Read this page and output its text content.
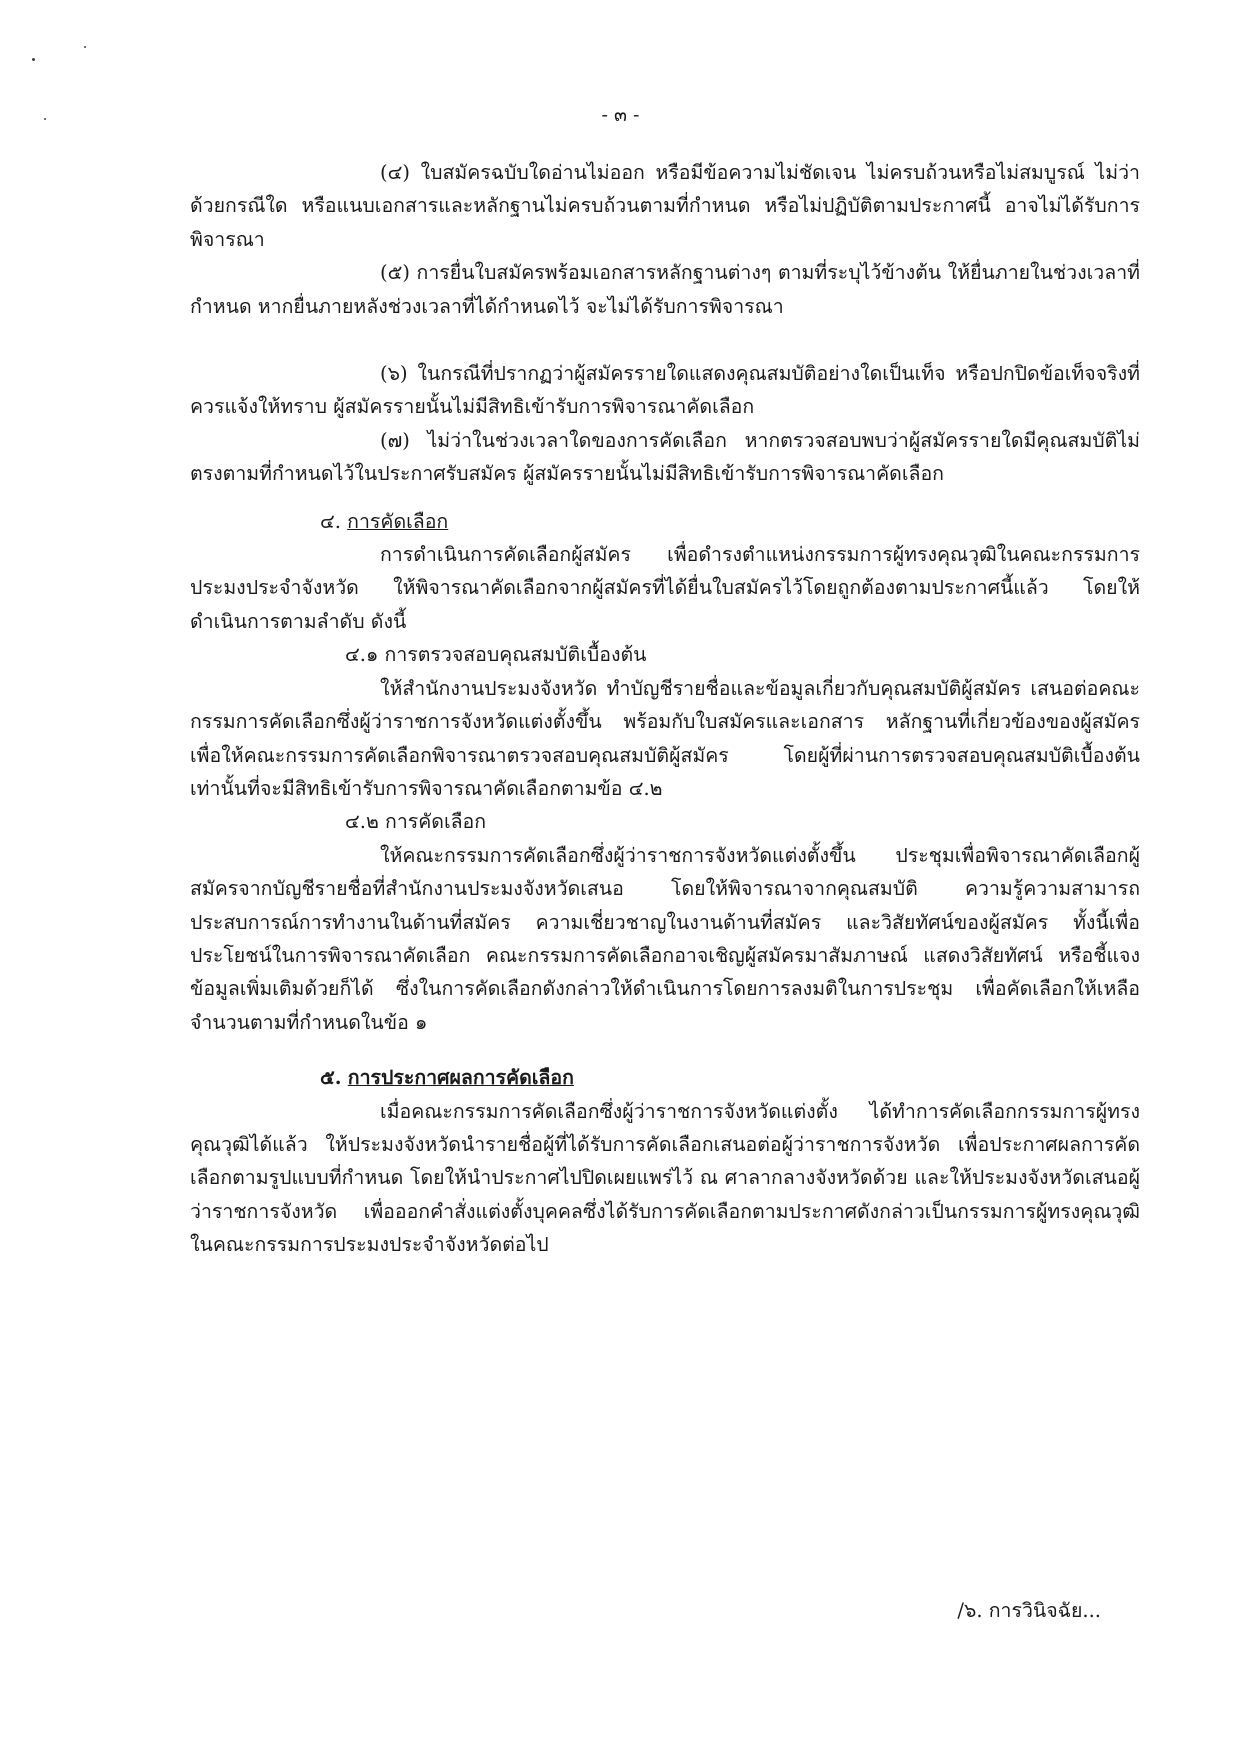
- ๓ -

(๔) ใบสมัครฉบับใดอ่านไม่ออก หรือมีข้อความไม่ชัดเจน ไม่ครบถ้วนหรือไม่สมบูรณ์ ไม่ว่าด้วยกรณีใด หรือแนบเอกสารและหลักฐานไม่ครบถ้วนตามที่กำหนด หรือไม่ปฏิบัติตามประกาศนี้ อาจไม่ได้รับการพิจารณา

(๕) การยื่นใบสมัครพร้อมเอกสารหลักฐานต่างๆ ตามที่ระบุไว้ข้างต้น ให้ยื่นภายในช่วงเวลาที่กำหนด หากยื่นภายหลังช่วงเวลาที่ได้กำหนดไว้ จะไม่ได้รับการพิจารณา

(๖) ในกรณีที่ปรากฏว่าผู้สมัครรายใดแสดงคุณสมบัติอย่างใดเป็นเท็จ หรือปกปิดข้อเท็จจริงที่ควรแจ้งให้ทราบ ผู้สมัครรายนั้นไม่มีสิทธิเข้ารับการพิจารณาคัดเลือก

(๗) ไม่ว่าในช่วงเวลาใดของการคัดเลือก หากตรวจสอบพบว่าผู้สมัครรายใดมีคุณสมบัติไม่ตรงตามที่กำหนดไว้ในประกาศรับสมัคร ผู้สมัครรายนั้นไม่มีสิทธิเข้ารับการพิจารณาคัดเลือก

๔. การคัดเลือก

การดำเนินการคัดเลือกผู้สมัคร เพื่อดำรงตำแหน่งกรรมการผู้ทรงคุณวุฒิในคณะกรรมการประมงประจำจังหวัด ให้พิจารณาคัดเลือกจากผู้สมัครที่ได้ยื่นใบสมัครไว้โดยถูกต้องตามประกาศนี้แล้ว โดยให้ดำเนินการตามลำดับ ดังนี้

๔.๑ การตรวจสอบคุณสมบัติเบื้องต้น

ให้สำนักงานประมงจังหวัด ทำบัญชีรายชื่อและข้อมูลเกี่ยวกับคุณสมบัติผู้สมัคร เสนอต่อคณะกรรมการคัดเลือกซึ่งผู้ว่าราชการจังหวัดแต่งตั้งขึ้น พร้อมกับใบสมัครและเอกสาร หลักฐานที่เกี่ยวข้องของผู้สมัคร เพื่อให้คณะกรรมการคัดเลือกพิจารณาตรวจสอบคุณสมบัติผู้สมัคร โดยผู้ที่ผ่านการตรวจสอบคุณสมบัติเบื้องต้นเท่านั้นที่จะมีสิทธิเข้ารับการพิจารณาคัดเลือกตามข้อ ๔.๒

๔.๒ การคัดเลือก

ให้คณะกรรมการคัดเลือกซึ่งผู้ว่าราชการจังหวัดแต่งตั้งขึ้น ประชุมเพื่อพิจารณาคัดเลือกผู้สมัครจากบัญชีรายชื่อที่สำนักงานประมงจังหวัดเสนอ โดยให้พิจารณาจากคุณสมบัติ ความรู้ความสามารถประสบการณ์การทำงานในด้านที่สมัคร ความเชี่ยวชาญในงานด้านที่สมัคร และวิสัยทัศน์ของผู้สมัคร ทั้งนี้เพื่อประโยชน์ในการพิจารณาคัดเลือก คณะกรรมการคัดเลือกอาจเชิญผู้สมัครมาสัมภาษณ์ แสดงวิสัยทัศน์ หรือชี้แจงข้อมูลเพิ่มเติมด้วยก็ได้ ซึ่งในการคัดเลือกดังกล่าวให้ดำเนินการโดยการลงมติในการประชุม เพื่อคัดเลือกให้เหลือจำนวนตามที่กำหนดในข้อ ๑

๕. การประกาศผลการคัดเลือก

เมื่อคณะกรรมการคัดเลือกซึ่งผู้ว่าราชการจังหวัดแต่งตั้ง ได้ทำการคัดเลือกกรรมการผู้ทรงคุณวุฒิได้แล้ว ให้ประมงจังหวัดนำรายชื่อผู้ที่ได้รับการคัดเลือกเสนอต่อผู้ว่าราชการจังหวัด เพื่อประกาศผลการคัดเลือกตามรูปแบบที่กำหนด โดยให้นำประกาศไปปิดเผยแพร่ไว้ ณ ศาลากลางจังหวัดด้วย และให้ประมงจังหวัดเสนอผู้ว่าราชการจังหวัด เพื่อออกคำสั่งแต่งตั้งบุคคลซึ่งได้รับการคัดเลือกตามประกาศดังกล่าวเป็นกรรมการผู้ทรงคุณวุฒิในคณะกรรมการประมงประจำจังหวัดต่อไป

/๖. การวินิจฉัย...
